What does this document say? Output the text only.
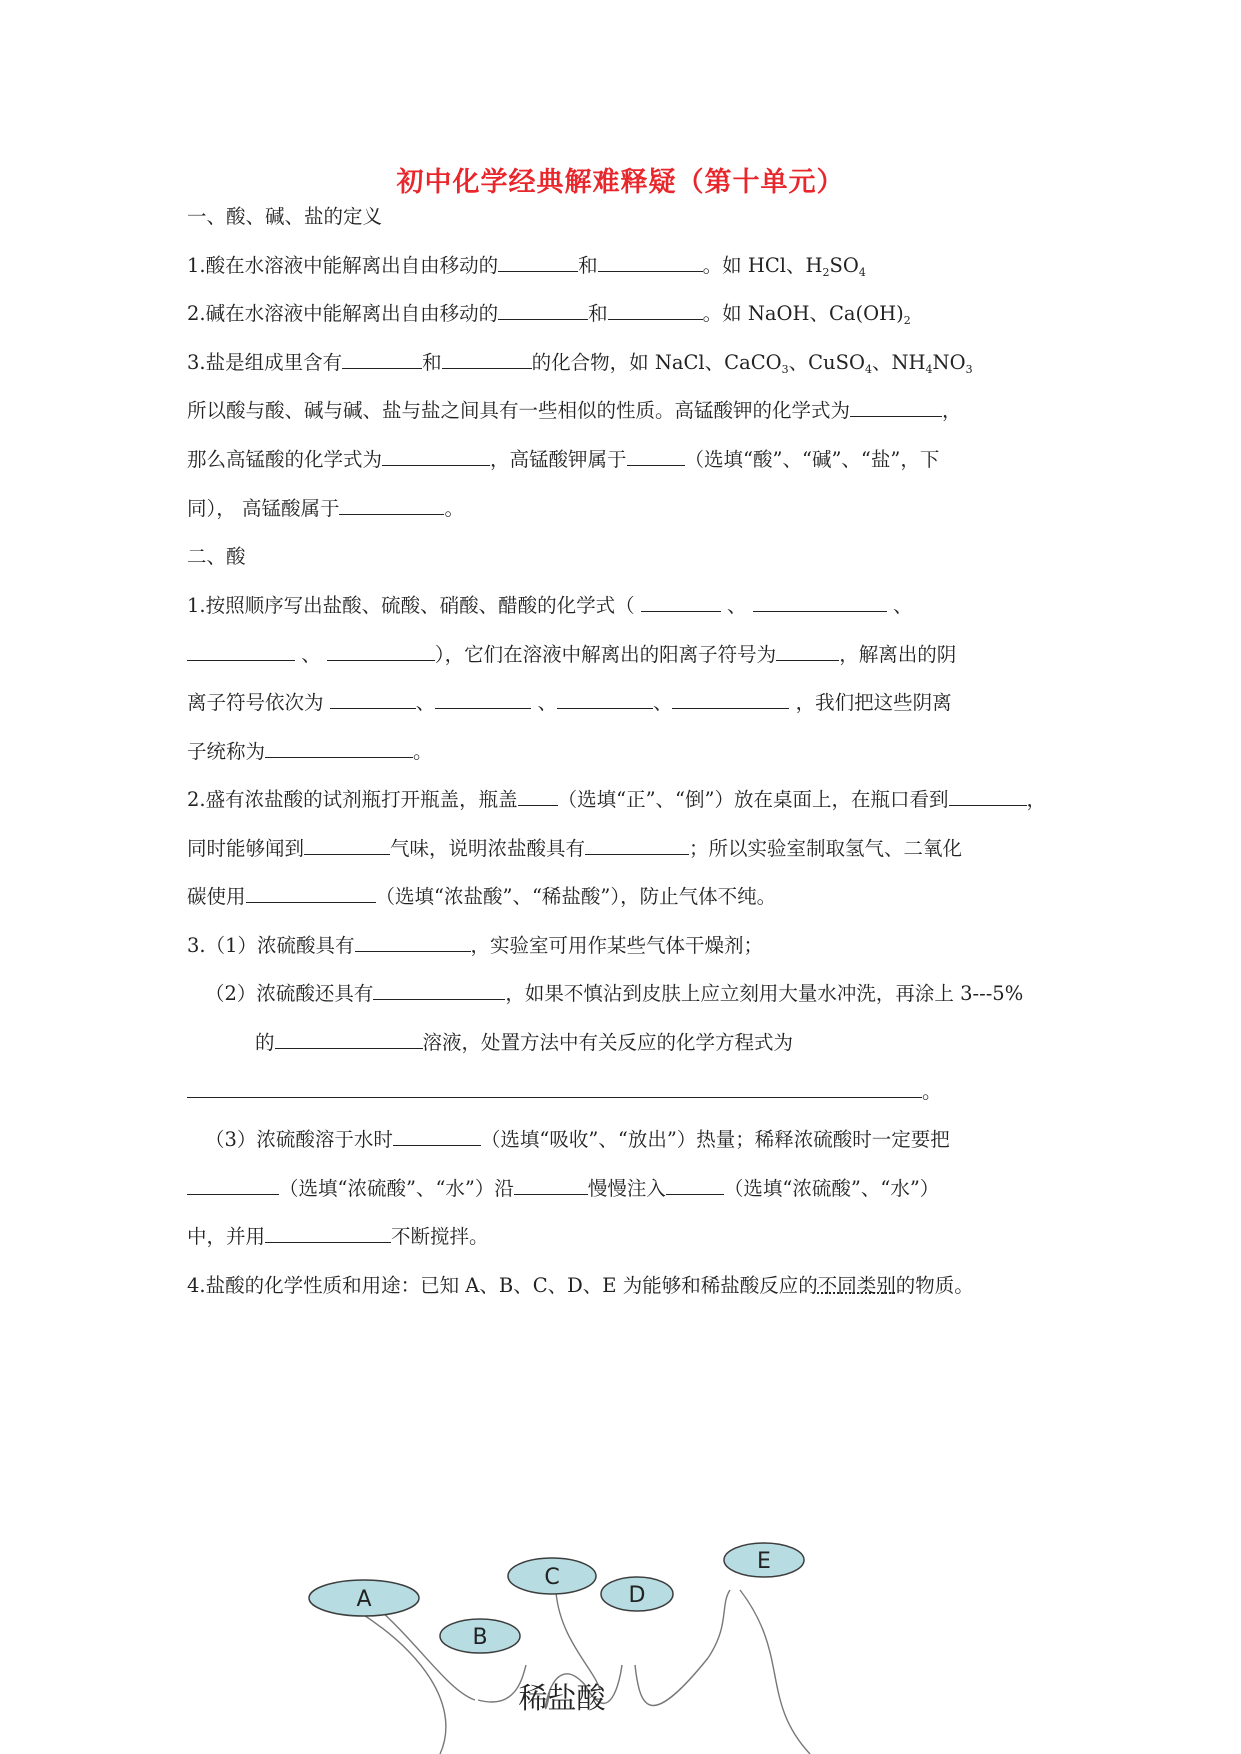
初中化学经典解难释疑（第十单元）
一、酸、碱、盐的定义
1.酸在水溶液中能解离出自由移动的	和	。如 HCl、$H_2SO_4$
2.碱在水溶液中能解离出自由移动的	和	。如 NaOH、$Ca(OH)_2$
3.盐是组成里含有	和	的化合物，如 NaCl、CaCO$_3$、CuSO$_4$、$NH_4NO_3$
所以酸与酸、碱与碱、盐与盐之间具有一些相似的性质。高锰酸钾的化学式为	，
那么高锰酸的化学式为	，高锰酸钾属于	（选填“酸”、“碱”、“盐”，下
同）， 高锰酸属于	。
二、酸
1.按照顺序写出盐酸、硫酸、硝酸、醋酸的化学式（	、	、
、	），它们在溶液中解离出的阳离子符号为	，解离出的阴
离子符号依次为	、	、	、	，我们把这些阴离
子统称为	。
2.盛有浓盐酸的试剂瓶打开瓶盖，瓶盖 （选填“正”、“倒”）放在桌面上，在瓶口看到	，
同时能够闻到	气味，说明浓盐酸具有	；所以实验室制取氢气、二氧化
碳使用	（选填“浓盐酸”、“稀盐酸”），防止气体不纯。
3.（1）浓硫酸具有	，实验室可用作某些气体干燥剂；
（2）浓硫酸还具有	，如果不慎沾到皮肤上应立刻用大量水冲洗，再涂上 3---5%
的	溶液，处置方法中有关反应的化学方程式为
。
（3）浓硫酸溶于水时	（选填“吸收”、“放出”）热量；稀释浓硫酸时一定要把
（选填“浓硫酸”、“水”）沿	慢慢注入	（选填“浓硫酸”、“水”）
中，并用	不断搅拌。
4.盐酸的化学性质和用途：已知 A、B、C、D、E 为能够和稀盐酸反应的不同类别的物质。
A
B
C
D
E
稀盐酸
